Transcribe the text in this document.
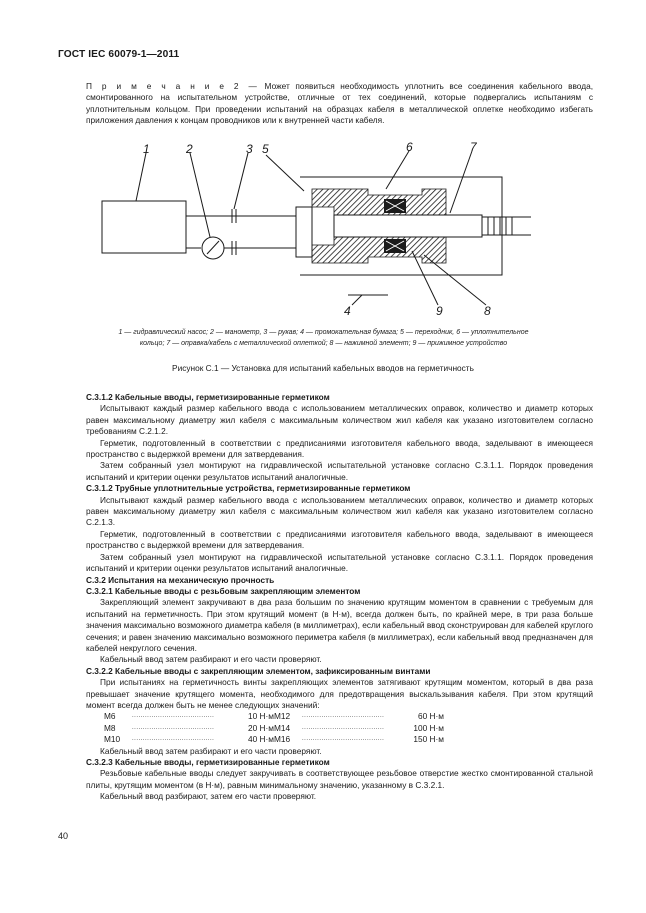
ГОСТ IEC 60079-1—2011
П р и м е ч а н и е 2 — Может появиться необходимость уплотнить все соединения кабельного ввода, смонтированного на испытательном устройстве, отличные от тех соединений, которые подвергались испытаниям с уплотнительным кольцом. При проведении испытаний на образцах кабеля в металлической оплетке необходимо избегать приложения давления к концам проводников или к внутренней части кабеля.
1	2	3 5	6	7
4	9	8
1 — гидравлический насос; 2 — манометр, 3 — рукав; 4 — промокательная бумага; 5 — переходник, 6 — уплотнительное
кольцо; 7 — оправка/кабель с металлической оплеткой; 8 — нажимной элемент; 9 — прижимное устройство
Рисунок С.1 — Установка для испытаний кабельных вводов на герметичность

С.3.1.2 Кабельные вводы, герметизированные герметиком

Испытывают каждый размер кабельного ввода с использованием металлических оправок, количество и диаметр которых равен максимальному диаметру жил кабеля с максимальным количеством жил кабеля как указано изготовителем согласно требованиям С.2.1.2.

Герметик, подготовленный в соответствии с предписаниями изготовителя кабельного ввода, заделывают в имеющееся пространство с выдержкой времени для затвердевания.

Затем собранный узел монтируют на гидравлической испытательной установке согласно С.3.1.1. Порядок проведения испытаний и критерии оценки результатов испытаний аналогичные.

С.3.1.2 Трубные уплотнительные устройства, герметизированные герметиком

Испытывают каждый размер кабельного ввода с использованием металлических оправок, количество и диаметр которых равен максимальному диаметру жил кабеля с максимальным количеством жил кабеля как указано изготовителем согласно С.2.1.3.

Герметик, подготовленный в соответствии с предписаниями изготовителя кабельного ввода, заделывают в имеющееся пространство с выдержкой времени для затвердевания.

Затем собранный узел монтируют на гидравлической испытательной установке согласно С.3.1.1. Порядок проведения испытаний и критерии оценки результатов испытаний аналогичные.

С.3.2 Испытания на механическую прочность

С.3.2.1 Кабельные вводы с резьбовым закрепляющим элементом

Закрепляющий элемент закручивают в два раза большим по значению крутящим моментом в сравнении с требуемым для испытаний на герметичность. При этом крутящий момент (в Н·м), всегда должен быть, по крайней мере, в три раза больше значения максимально возможного диаметра кабеля (в миллиметрах), если кабельный ввод сконструирован для кабелей круглого сечения; и равен значению максимально возможного периметра кабеля (в миллиметрах), если кабельный ввод предназначен для кабелей некруглого сечения.

Кабельный ввод затем разбирают и его части проверяют.

С.3.2.2 Кабельные вводы с закрепляющим элементом, зафиксированным винтами

При испытаниях на герметичность винты закрепляющих элементов затягивают крутящим моментом, который в два раза превышает значение крутящего момента, необходимого для предотвращения выскальзывания кабеля. При этом крутящий момент всегда должен быть не менее следующих значений:

М6	......................................	10 Н·м
М8	......................................	20 Н·м
М10	......................................	40 Н·м
М12	......................................	60 Н·м
М14	......................................	100 Н·м
М16	......................................	150 Н·м

Кабельный ввод затем разбирают и его части проверяют.

С.3.2.3 Кабельные вводы, герметизированные герметиком

Резьбовые кабельные вводы следует закручивать в соответствующее резьбовое отверстие жестко смонтированной стальной плиты, крутящим моментом (в Н·м), равным минимальному значению, указанному в С.3.2.1.

Кабельный ввод разбирают, затем его части проверяют.

40
